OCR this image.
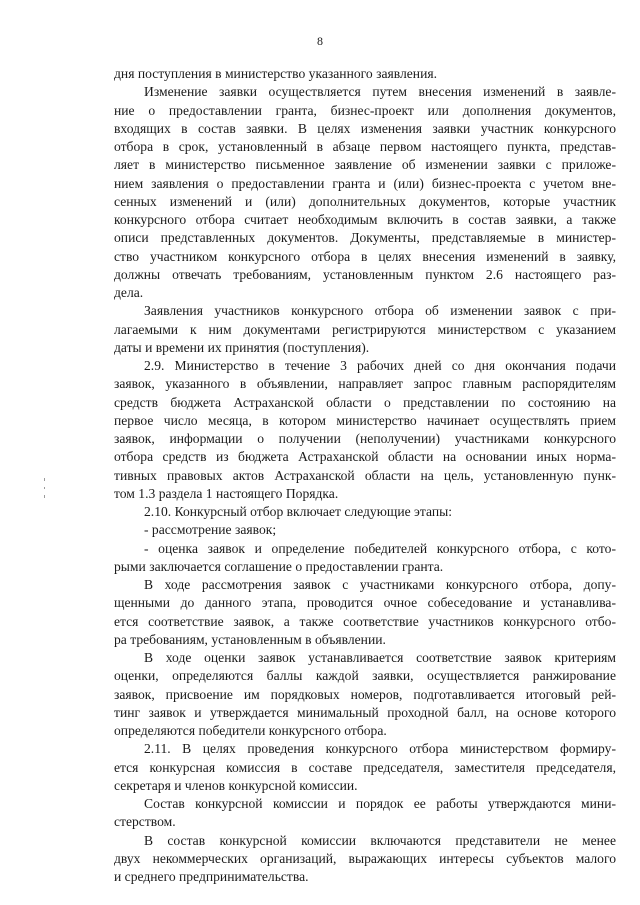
8
дня поступления в министерство указанного заявления.
Изменение заявки осуществляется путем внесения изменений в заявле-
ние о предоставлении гранта, бизнес-проект или дополнения документов,
входящих в состав заявки. В целях изменения заявки участник конкурсного
отбора в срок, установленный в абзаце первом настоящего пункта, представ-
ляет в министерство письменное заявление об изменении заявки с приложе-
нием заявления о предоставлении гранта и (или) бизнес-проекта с учетом вне-
сенных изменений и (или) дополнительных документов, которые участник
конкурсного отбора считает необходимым включить в состав заявки, а также
описи представленных документов. Документы, представляемые в министер-
ство участником конкурсного отбора в целях внесения изменений в заявку,
должны отвечать требованиям, установленным пунктом 2.6 настоящего раз-
дела.
Заявления участников конкурсного отбора об изменении заявок с при-
лагаемыми к ним документами регистрируются министерством с указанием
даты и времени их принятия (поступления).
2.9. Министерство в течение 3 рабочих дней со дня окончания подачи
заявок, указанного в объявлении, направляет запрос главным распорядителям
средств бюджета Астраханской области о представлении по состоянию на
первое число месяца, в котором министерство начинает осуществлять прием
заявок, информации о получении (неполучении) участниками конкурсного
отбора средств из бюджета Астраханской области на основании иных норма-
тивных правовых актов Астраханской области на цель, установленную пунк-
том 1.3 раздела 1 настоящего Порядка.
2.10. Конкурсный отбор включает следующие этапы:
- рассмотрение заявок;
- оценка заявок и определение победителей конкурсного отбора, с кото-
рыми заключается соглашение о предоставлении гранта.
В ходе рассмотрения заявок с участниками конкурсного отбора, допу-
щенными до данного этапа, проводится очное собеседование и устанавлива-
ется соответствие заявок, а также соответствие участников конкурсного отбо-
ра требованиям, установленным в объявлении.
В ходе оценки заявок устанавливается соответствие заявок критериям
оценки, определяются баллы каждой заявки, осуществляется ранжирование
заявок, присвоение им порядковых номеров, подготавливается итоговый рей-
тинг заявок и утверждается минимальный проходной балл, на основе которого
определяются победители конкурсного отбора.
2.11. В целях проведения конкурсного отбора министерством формиру-
ется конкурсная комиссия в составе председателя, заместителя председателя,
секретаря и членов конкурсной комиссии.
Состав конкурсной комиссии и порядок ее работы утверждаются мини-
стерством.
В состав конкурсной комиссии включаются представители не менее
двух некоммерческих организаций, выражающих интересы субъектов малого
и среднего предпринимательства.
